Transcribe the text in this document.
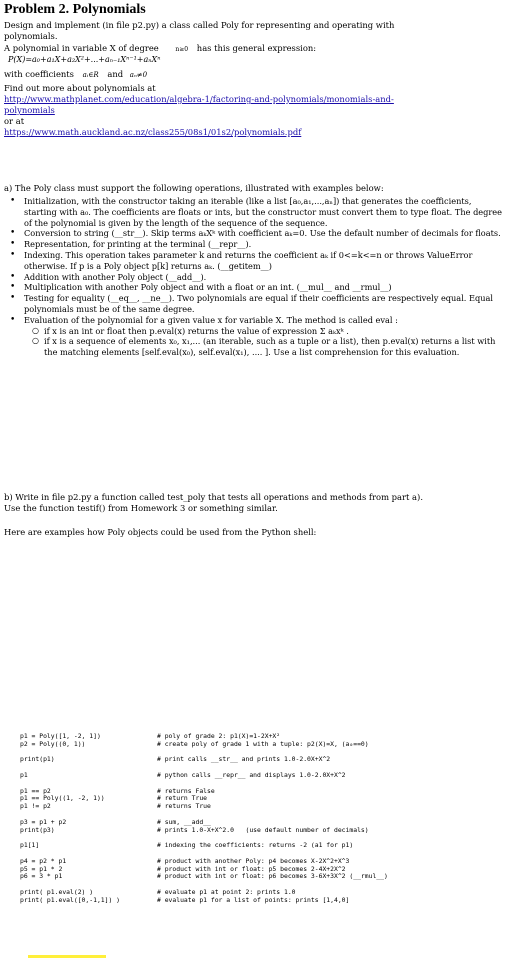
Problem 2. Polynomials
Design and implement (in file p2.py) a class called Poly for representing and operating with
polynomials.
A polynomial in variable X of degree	n≥0 has this general expression:
P(X)=a₀+a₁X+a₂X²+...+aₙ₋₁Xⁿ⁻¹+aₙXⁿ
with coefficients aᵢ∈R and aₙ≠0
Find out more about polynomials at
http://www.mathplanet.com/education/algebra-1/factoring-and-polynomials/monomials-and-
polynomials
or at
https://www.math.auckland.ac.nz/class255/08s1/01s2/polynomials.pdf
a) The Poly class must support the following operations, illustrated with examples below:
• Initialization, with the constructor taking an iterable (like a list [a₀,a₁,...,aₙ]) that generates the coefficients, starting with a₀. The coefficients are floats or ints, but the constructor must convert them to type float. The degree of the polynomial is given by the length of the sequence of the sequence.
• Conversion to string (__str__). Skip terms aₖXᵏ with coefficient aₖ=0. Use the default number of decimals for floats.
• Representation, for printing at the terminal (__repr__).
• Indexing. This operation takes parameter k and returns the coefficient aₖ if 0<=k<=n or throws ValueError otherwise. If p is a Poly object p[k] returns aₖ. (__getitem__)
• Addition with another Poly object (__add__).
• Multiplication with another Poly object and with a float or an int. (__mul__ and __rmul__)
• Testing for equality (__eq__, __ne__). Two polynomials are equal if their coefficients are respectively equal. Equal polynomials must be of the same degree.
• Evaluation of the polynomial for a given value x for variable X. The method is called eval :
○ if x is an int or float then p.eval(x) returns the value of expression Σ aₖxᵏ .
○ if x is a sequence of elements x₀, x₁,... (an iterable, such as a tuple or a list), then p.eval(x) returns a list with the matching elements [self.eval(x₀), self.eval(x₁), .... ]. Use a list comprehension for this evaluation.
b) Write in file p2.py a function called test_poly that tests all operations and methods from part a).
Use the function testif() from Homework 3 or something similar.
Here are examples how Poly objects could be used from the Python shell:
p1 = Poly([1, -2, 1])
p2 = Poly((0, 1))

print(p1)

p1

p1 == p2
p1 == Poly((1, -2, 1))
p1 != p2

p3 = p1 + p2
print(p3)

p1[1]

p4 = p2 * p1
p5 = p1 * 2
p6 = 3 * p1

print( p1.eval(2) )
print( p1.eval([0,-1,1]) )
# poly of grade 2: p1(X)=1-2X+X²
# create poly of grade 1 with a tuple: p2(X)=X, (a₀==0)

# print calls __str__ and prints 1.0-2.0X+X^2

# python calls __repr__ and displays 1.0-2.0X+X^2

# returns False
# return True
# returns True

# sum, __add__
# prints 1.0-X+X^2.0   (use default number of decimals)

# indexing the coefficients: returns -2 (a1 for p1)

# product with another Poly: p4 becomes X-2X^2+X^3
# product with int or float: p5 becomes 2-4X+2X^2
# product with int or float: p6 becomes 3-6X+3X^2 (__rmul__)

# evaluate p1 at point 2: prints 1.0
# evaluate p1 for a list of points: prints [1,4,0]
